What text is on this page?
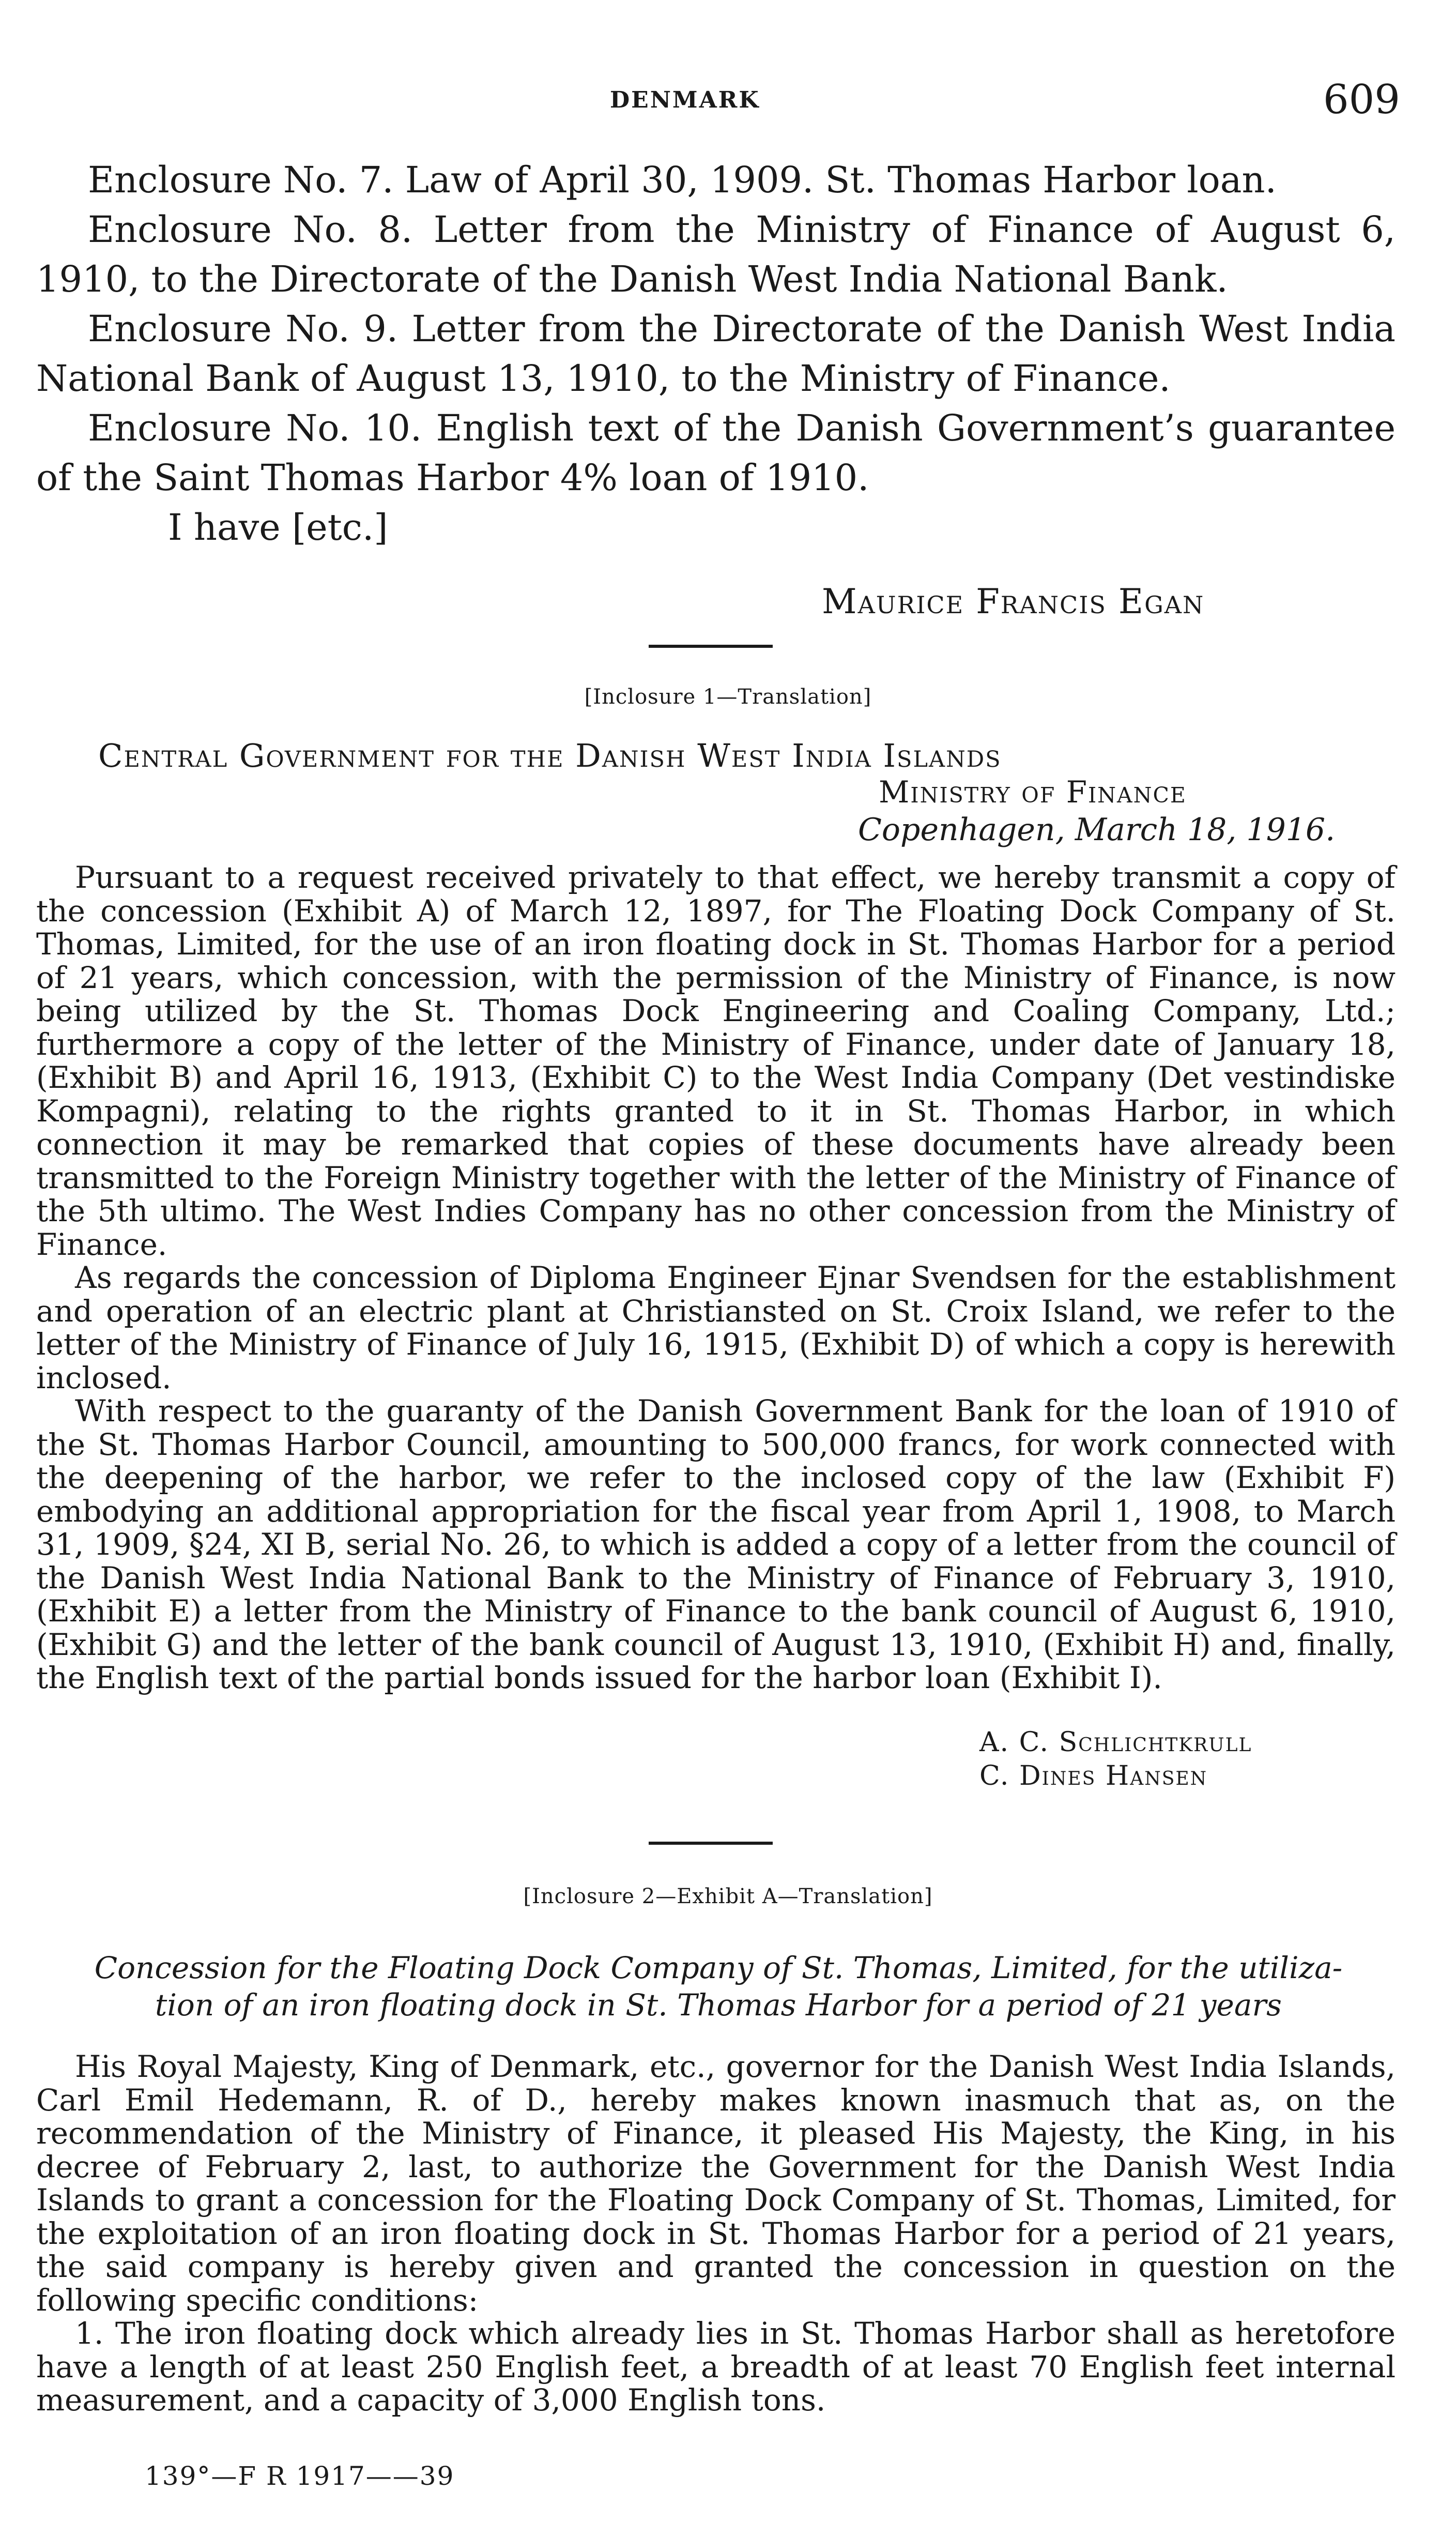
DENMARK	609

Enclosure No. 7. Law of April 30, 1909. St. Thomas Harbor loan.

Enclosure No. 8. Letter from the Ministry of Finance of August 6, 1910, to the Directorate of the Danish West India National Bank.

Enclosure No. 9. Letter from the Directorate of the Danish West India National Bank of August 13, 1910, to the Ministry of Finance.

Enclosure No. 10. English text of the Danish Government’s guarantee of the Saint Thomas Harbor 4% loan of 1910.

I have [etc.]

Maurice Francis Egan
[Inclosure 1—Translation]
Central Government for the Danish West India Islands
Ministry of Finance
Copenhagen, March 18, 1916.

Pursuant to a request received privately to that effect, we hereby transmit a copy of the concession (Exhibit A) of March 12, 1897, for The Floating Dock Company of St. Thomas, Limited, for the use of an iron floating dock in St. Thomas Harbor for a period of 21 years, which concession, with the permission of the Ministry of Finance, is now being utilized by the St. Thomas Dock Engineering and Coaling Company, Ltd.; furthermore a copy of the letter of the Ministry of Finance, under date of January 18, (Exhibit B) and April 16, 1913, (Exhibit C) to the West India Company (Det vestindiske Kompagni), relating to the rights granted to it in St. Thomas Harbor, in which connection it may be remarked that copies of these documents have already been transmitted to the Foreign Ministry together with the letter of the Ministry of Finance of the 5th ultimo. The West Indies Company has no other concession from the Ministry of Finance.

As regards the concession of Diploma Engineer Ejnar Svendsen for the establishment and operation of an electric plant at Christiansted on St. Croix Island, we refer to the letter of the Ministry of Finance of July 16, 1915, (Exhibit D) of which a copy is herewith inclosed.

With respect to the guaranty of the Danish Government Bank for the loan of 1910 of the St. Thomas Harbor Council, amounting to 500,000 francs, for work connected with the deepening of the harbor, we refer to the inclosed copy of the law (Exhibit F) embodying an additional appropriation for the fiscal year from April 1, 1908, to March 31, 1909, §24, XI B, serial No. 26, to which is added a copy of a letter from the council of the Danish West India National Bank to the Ministry of Finance of February 3, 1910, (Exhibit E) a letter from the Ministry of Finance to the bank council of August 6, 1910, (Exhibit G) and the letter of the bank council of August 13, 1910, (Exhibit H) and, finally, the English text of the partial bonds issued for the harbor loan (Exhibit I).

A. C. Schlichtkrull
C. Dines Hansen
[Inclosure 2—Exhibit A—Translation]
Concession for the Floating Dock Company of St. Thomas, Limited, for the utiliza-
tion of an iron floating dock in St. Thomas Harbor for a period of 21 years

His Royal Majesty, King of Denmark, etc., governor for the Danish West India Islands, Carl Emil Hedemann, R. of D., hereby makes known inasmuch that as, on the recommendation of the Ministry of Finance, it pleased His Majesty, the King, in his decree of February 2, last, to authorize the Government for the Danish West India Islands to grant a concession for the Floating Dock Company of St. Thomas, Limited, for the exploitation of an iron floating dock in St. Thomas Harbor for a period of 21 years, the said company is hereby given and granted the concession in question on the following specific conditions:

1. The iron floating dock which already lies in St. Thomas Harbor shall as heretofore have a length of at least 250 English feet, a breadth of at least 70 English feet internal measurement, and a capacity of 3,000 English tons.

139°—F R 1917——39
